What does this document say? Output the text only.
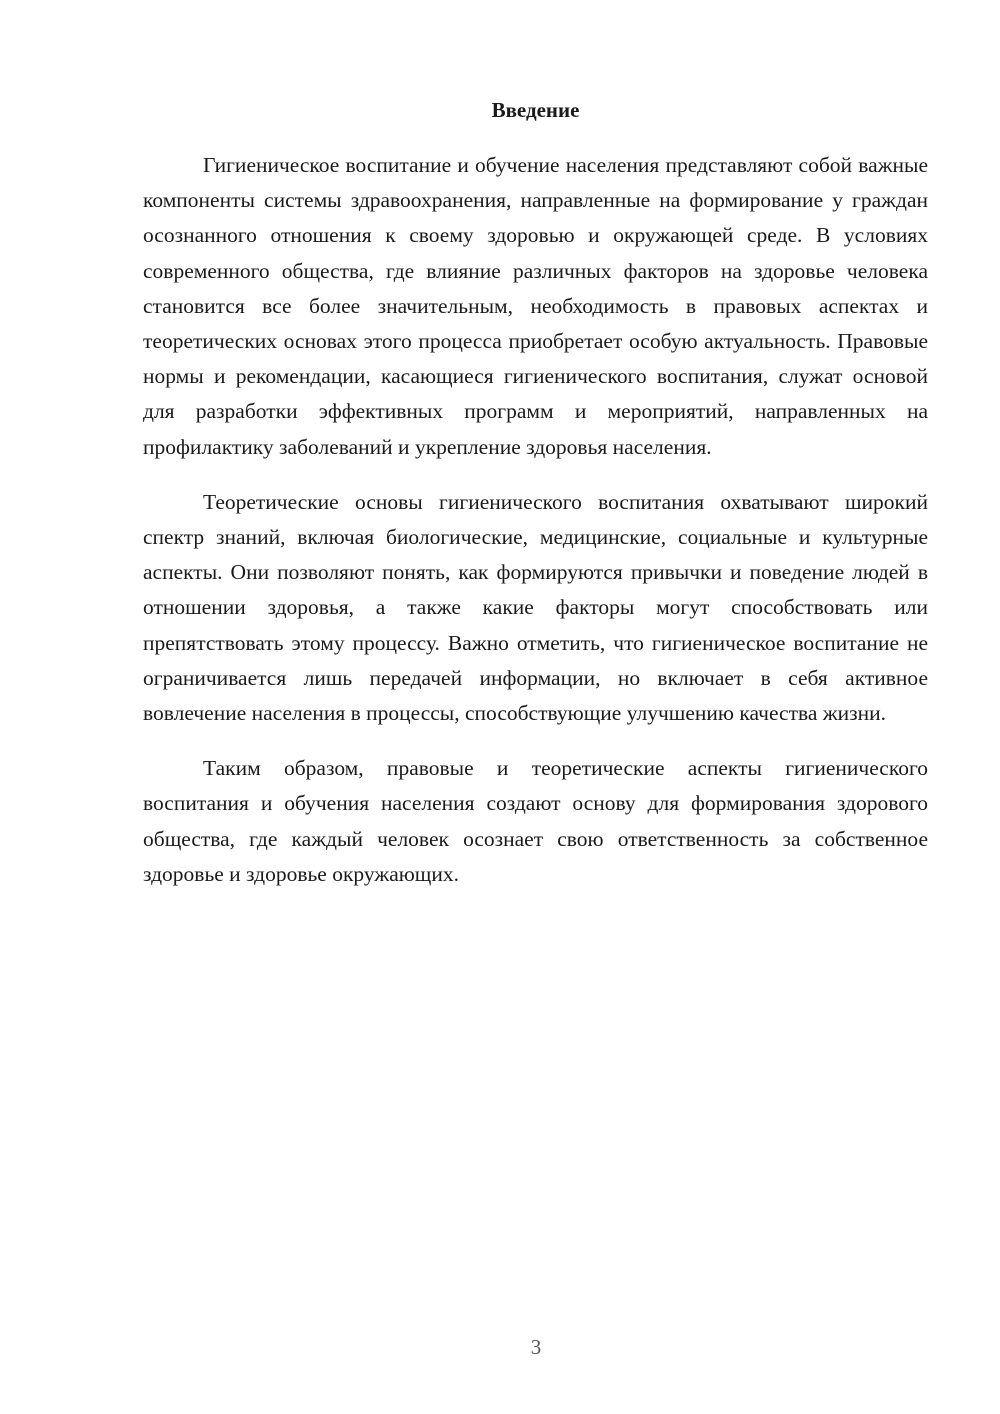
Введение

Гигиеническое воспитание и обучение населения представляют собой важные компоненты системы здравоохранения, направленные на формирование у граждан осознанного отношения к своему здоровью и окружающей среде. В условиях современного общества, где влияние различных факторов на здоровье человека становится все более значительным, необходимость в правовых аспектах и теоретических основах этого процесса приобретает особую актуальность. Правовые нормы и рекомендации, касающиеся гигиенического воспитания, служат основой для разработки эффективных программ и мероприятий, направленных на профилактику заболеваний и укрепление здоровья населения.

Теоретические основы гигиенического воспитания охватывают широкий спектр знаний, включая биологические, медицинские, социальные и культурные аспекты. Они позволяют понять, как формируются привычки и поведение людей в отношении здоровья, а также какие факторы могут способствовать или препятствовать этому процессу. Важно отметить, что гигиеническое воспитание не ограничивается лишь передачей информации, но включает в себя активное вовлечение населения в процессы, способствующие улучшению качества жизни.

Таким образом, правовые и теоретические аспекты гигиенического воспитания и обучения населения создают основу для формирования здорового общества, где каждый человек осознает свою ответственность за собственное здоровье и здоровье окружающих.

3
